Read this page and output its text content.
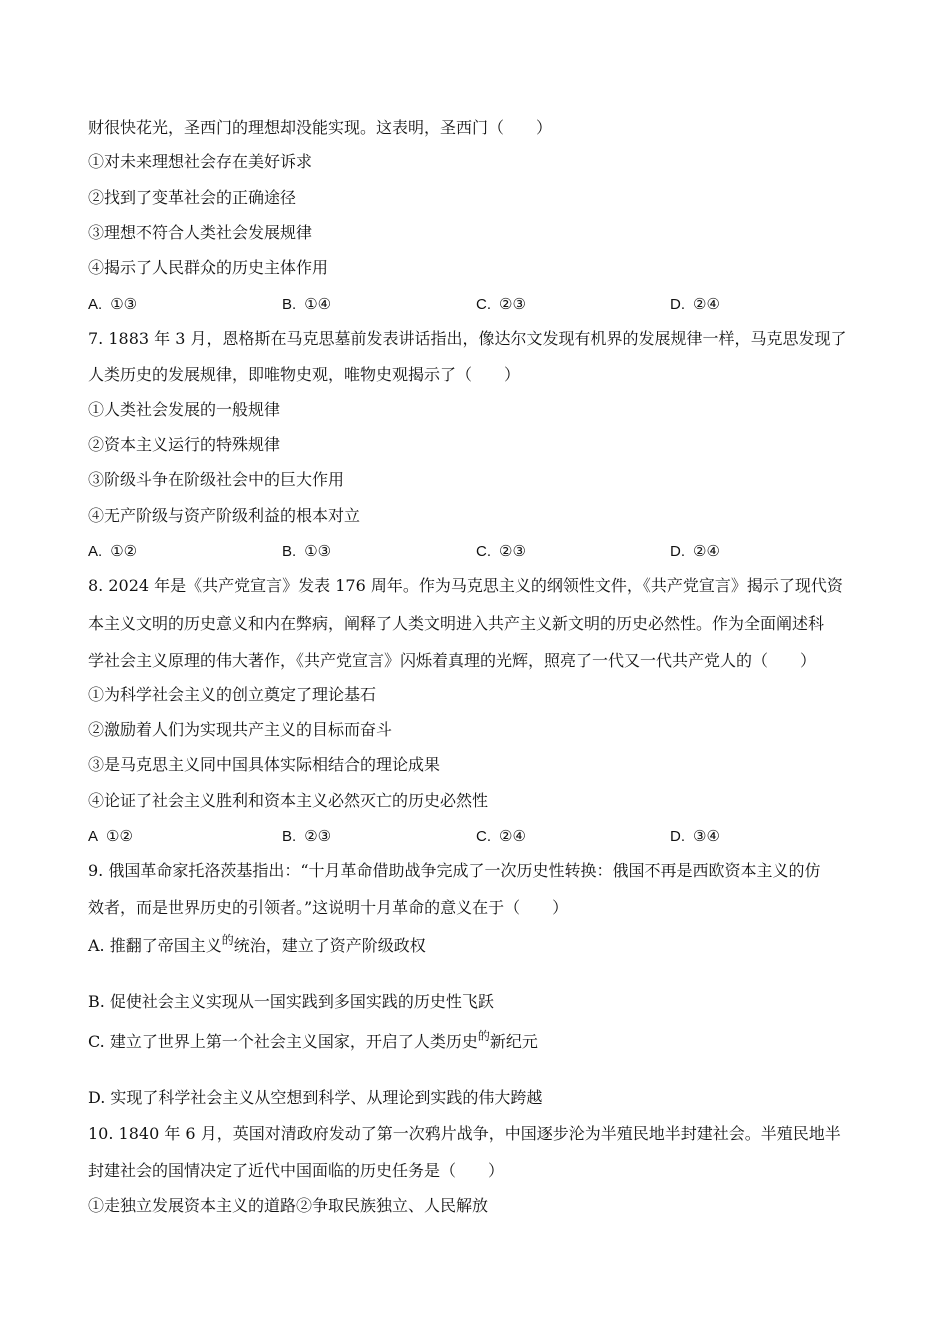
财很快花光，圣西门的理想却没能实现。这表明，圣西门（　　）
①对未来理想社会存在美好诉求
②找到了变革社会的正确途径
③理想不符合人类社会发展规律
④揭示了人民群众的历史主体作用
A. ①③	B. ①④	C. ②③	D. ②④
7. 1883 年 3 月，恩格斯在马克思墓前发表讲话指出，像达尔文发现有机界的发展规律一样，马克思发现了
人类历史的发展规律，即唯物史观，唯物史观揭示了（　　）
①人类社会发展的一般规律
②资本主义运行的特殊规律
③阶级斗争在阶级社会中的巨大作用
④无产阶级与资产阶级利益的根本对立
A. ①②	B. ①③	C. ②③	D. ②④
8. 2024 年是《共产党宣言》发表 176 周年。作为马克思主义的纲领性文件，《共产党宣言》揭示了现代资
本主义文明的历史意义和内在弊病，阐释了人类文明进入共产主义新文明的历史必然性。作为全面阐述科
学社会主义原理的伟大著作，《共产党宣言》闪烁着真理的光辉，照亮了一代又一代共产党人的（　　）
①为科学社会主义的创立奠定了理论基石
②激励着人们为实现共产主义的目标而奋斗
③是马克思主义同中国具体实际相结合的理论成果
④论证了社会主义胜利和资本主义必然灭亡的历史必然性
A ①②	B. ②③	C. ②④	D. ③④
9. 俄国革命家托洛茨基指出：“十月革命借助战争完成了一次历史性转换：俄国不再是西欧资本主义的仿
效者，而是世界历史的引领者。”这说明十月革命的意义在于（　　）
A. 推翻了帝国主义$^的$统治，建立了资产阶级政权
B. 促使社会主义实现从一国实践到多国实践的历史性飞跃
C. 建立了世界上第一个社会主义国家，开启了人类历史$^的$新纪元
D. 实现了科学社会主义从空想到科学、从理论到实践的伟大跨越
10. 1840 年 6 月，英国对清政府发动了第一次鸦片战争，中国逐步沦为半殖民地半封建社会。半殖民地半
封建社会的国情决定了近代中国面临的历史任务是（　　）
①走独立发展资本主义的道路②争取民族独立、人民解放
